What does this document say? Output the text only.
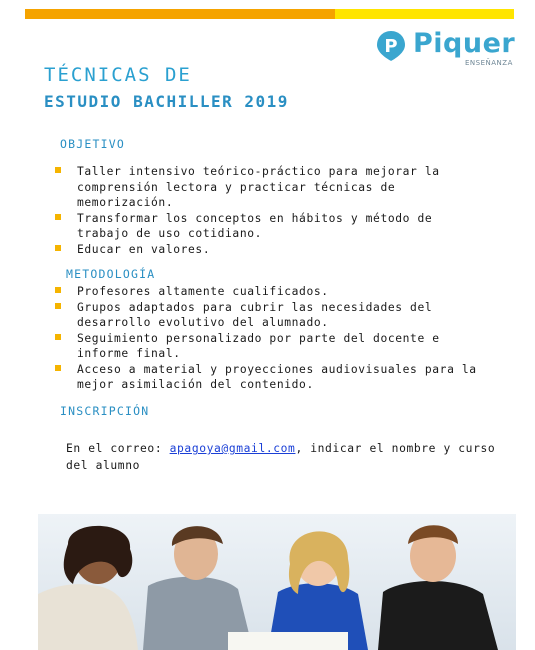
P Piquer
ENSEÑANZA
TÉCNICAS DE
ESTUDIO BACHILLER 2019
OBJETIVO
Taller intensivo teórico-práctico para mejorar la comprensión lectora y practicar técnicas de memorización.
Transformar los conceptos en hábitos y método de trabajo de uso cotidiano.
Educar en valores.
METODOLOGÍA
Profesores altamente cualificados.
Grupos adaptados para cubrir las necesidades del desarrollo evolutivo del alumnado.
Seguimiento personalizado por parte del docente e informe final.
Acceso a material y proyecciones audiovisuales para la mejor asimilación del contenido.
INSCRIPCIÓN
En el correo: apagoya@gmail.com, indicar el nombre y curso del alumno
